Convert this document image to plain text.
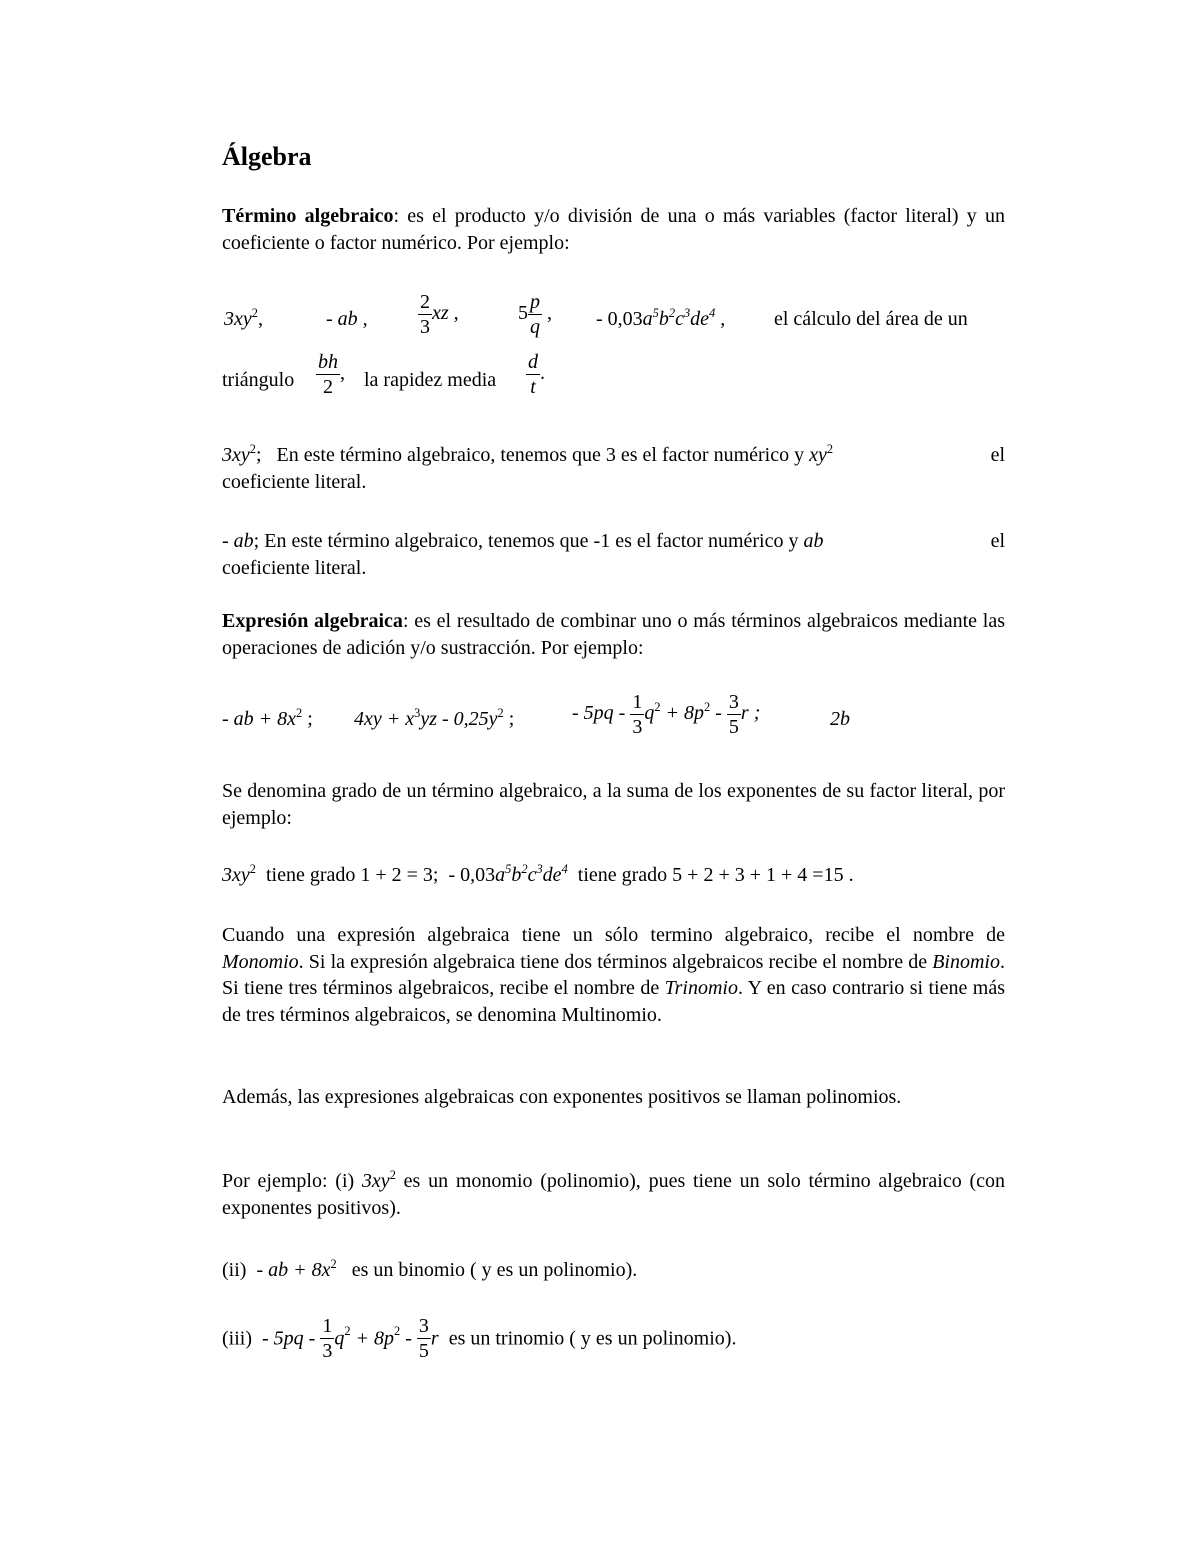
Álgebra
Término algebraico: es el producto y/o división de una o más variables (factor literal) y un coeficiente o factor numérico. Por ejemplo:
$3xy^2$,	- ab ,	$\frac{2}{3}$ xz ,	$5 \frac{p}{q}$ , - $0,03a^5b^2c^3de^4$ , el cálculo del área de un
triángulo $\frac{bh}{2}$ , la rapidez media $\frac{d}{t}$ .
$3xy^2$;   En este término algebraico, tenemos que 3 es el factor numérico y $xy^2$	el
coeficiente literal.
- ab; En este término algebraico, tenemos que -1 es el factor numérico y ab	el
coeficiente literal.
Expresión algebraica: es el resultado de combinar uno o más términos algebraicos mediante las operaciones de adición y/o sustracción. Por ejemplo:
- ab + $8x^2$ ; $4xy + x^3yz - 0,25y^2$ ;	- $5pq - \frac{1}{3} q^2 + 8p^2 - \frac{3}{5}$ r ;	2b
Se denomina grado de un término algebraico, a la suma de los exponentes de su factor literal, por ejemplo:
$3xy^2$ tiene grado 1 + 2 = 3; - $0,03a^5b^2c^3de^4$ tiene grado 5 + 2 + 3 + 1 + 4 =15 .
Cuando una expresión algebraica tiene un sólo termino algebraico, recibe el nombre de Monomio. Si la expresión algebraica tiene dos términos algebraicos recibe el nombre de Binomio. Si tiene tres términos algebraicos, recibe el nombre de Trinomio. Y en caso contrario si tiene más de tres términos algebraicos, se denomina Multinomio.
Además, las expresiones algebraicas con exponentes positivos se llaman polinomios.
Por ejemplo: (i) $3xy^2$ es un monomio (polinomio), pues tiene un solo término algebraico (con exponentes positivos).
(ii) - ab + $8x^2$ es un binomio ( y es un polinomio).
$(iii) - 5pq - \frac{1}{3} q^2 + 8p^2 - \frac{3}{5}$ r es un trinomio ( y es un polinomio).
